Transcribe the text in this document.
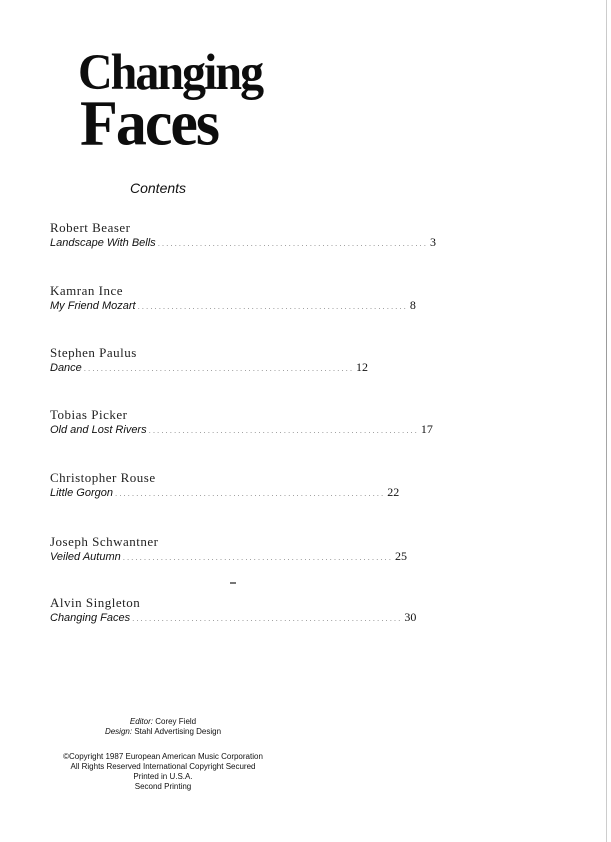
Changing
Faces
Contents
Robert Beaser
Landscape With Bells ................................................................ 3
Kamran Ince
My Friend Mozart ................................................................ 8
Stephen Paulus
Dance ................................................................ 12
Tobias Picker
Old and Lost Rivers ................................................................ 17
Christopher Rouse
Little Gorgon ................................................................ 22
Joseph Schwantner
Veiled Autumn ................................................................ 25
Alvin Singleton
Changing Faces ................................................................ 30
Editor: Corey Field
Design: Stahl Advertising Design
©Copyright 1987 European American Music Corporation
All Rights Reserved International Copyright Secured
Printed in U.S.A.
Second Printing
